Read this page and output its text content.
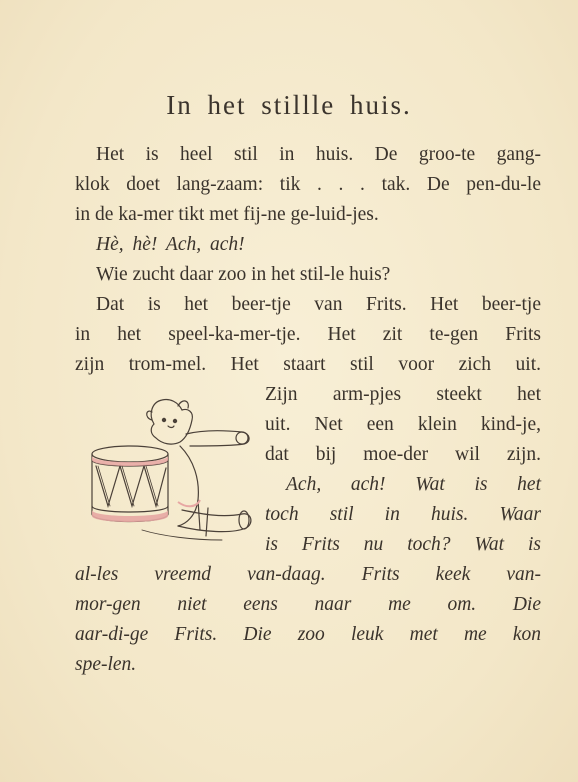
In het stillle huis.
Het is heel stil in huis. De groo-te gang-
klok doet lang-zaam: tik . . . tak. De pen-du-le
in de ka-mer tikt met fij-ne ge-luid-jes.
Hè, hè! Ach, ach!
Wie zucht daar zoo in het stil-le huis?
Dat is het beer-tje van Frits. Het beer-tje
in het speel-ka-mer-tje. Het zit te-gen Frits
zijn trom-mel. Het staart stil voor zich uit.
Zijn arm-pjes steekt het
uit. Net een klein kind-je,
dat bij moe-der wil zijn.
Ach, ach! Wat is het
toch stil in huis. Waar
is Frits nu toch? Wat is
al-les vreemd van-daag. Frits keek van-
mor-gen niet eens naar me om. Die
aar-di-ge Frits. Die zoo leuk met me kon
spe-len.
